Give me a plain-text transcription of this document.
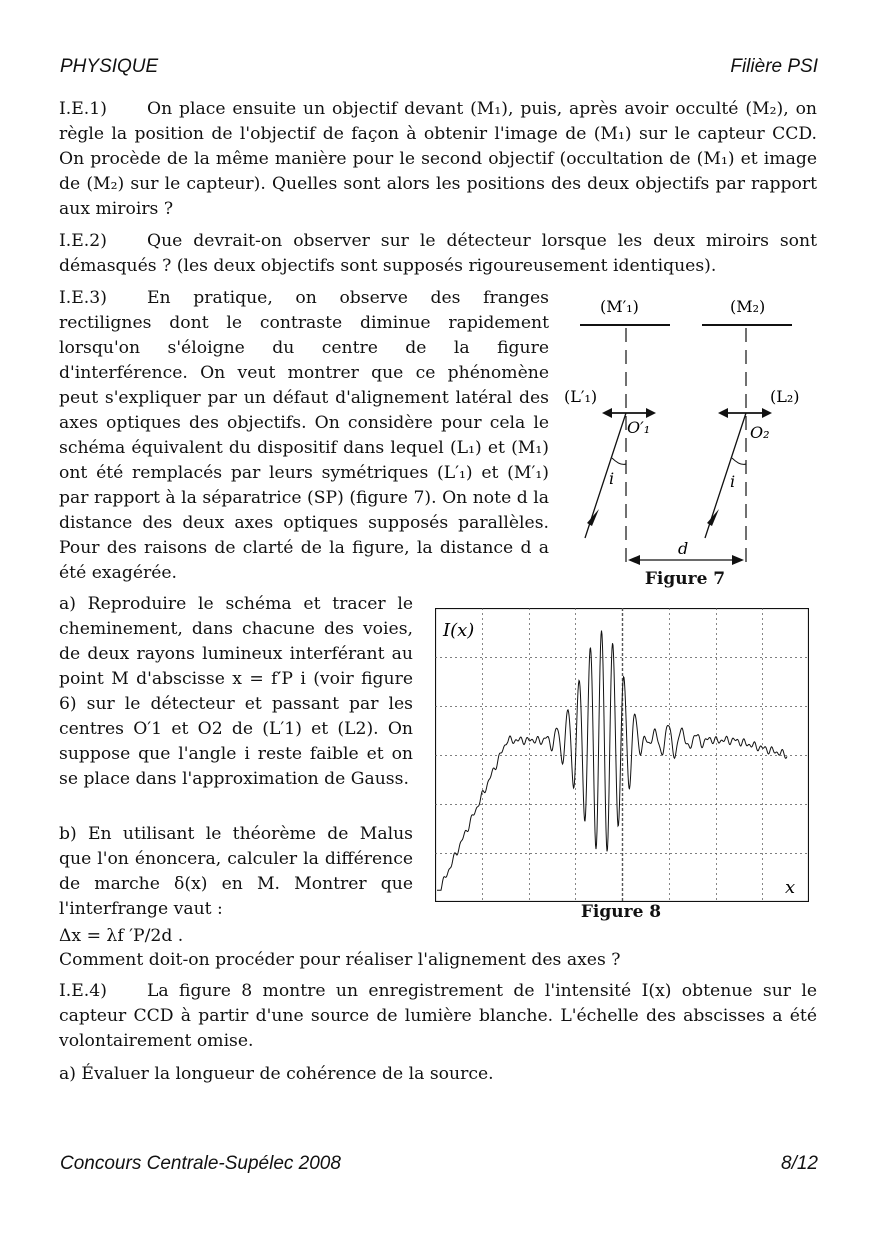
PHYSIQUE	Filière PSI
I.E.1) On place ensuite un objectif devant (M₁), puis, après avoir occulté (M₂), on règle la position de l'objectif de façon à obtenir l'image de (M₁) sur le capteur CCD. On procède de la même manière pour le second objectif (occultation de (M₁) et image de (M₂) sur le capteur). Quelles sont alors les positions des deux objectifs par rapport aux miroirs ?
I.E.2) Que devrait-on observer sur le détecteur lorsque les deux miroirs sont démasqués ? (les deux objectifs sont supposés rigoureusement identiques).
I.E.3) En pratique, on observe des franges rectilignes dont le contraste diminue rapidement lorsqu'on s'éloigne du centre de la figure d'interférence. On veut montrer que ce phénomène peut s'expliquer par un défaut d'alignement latéral des axes optiques des objectifs. On considère pour cela le schéma équivalent du dispositif dans lequel (L₁) et (M₁) ont été remplacés par leurs symétriques (L′₁) et (M′₁) par rapport à la séparatrice (SP) (figure 7). On note d la distance des deux axes optiques supposés parallèles. Pour des raisons de clarté de la figure, la distance d a été exagérée.
(M′₁)	(M₂)
(L′₁)	(L₂)
O′₁	O₂
i	i
d
Figure 7
a) Reproduire le schéma et tracer le cheminement, dans chacune des voies, de deux rayons lumineux interférant au point M d'abscisse x = f′P i (voir figure 6) sur le détecteur et passant par les centres O′1 et O2 de (L′1) et (L2). On suppose que l'angle i reste faible et on se place dans l'approximation de Gauss.
b) En utilisant le théorème de Malus que l'on énoncera, calculer la différence de marche δ(x) en M. Montrer que l'interfrange vaut :
Δx = λf ′P/2d .
Comment doit-on procéder pour réaliser l'alignement des axes ?
I(x)
x
Figure 8
I.E.4) La figure 8 montre un enregistrement de l'intensité I(x) obtenue sur le capteur CCD à partir d'une source de lumière blanche. L'échelle des abscisses a été volontairement omise.
a) Évaluer la longueur de cohérence de la source.
Concours Centrale-Supélec 2008	8/12
